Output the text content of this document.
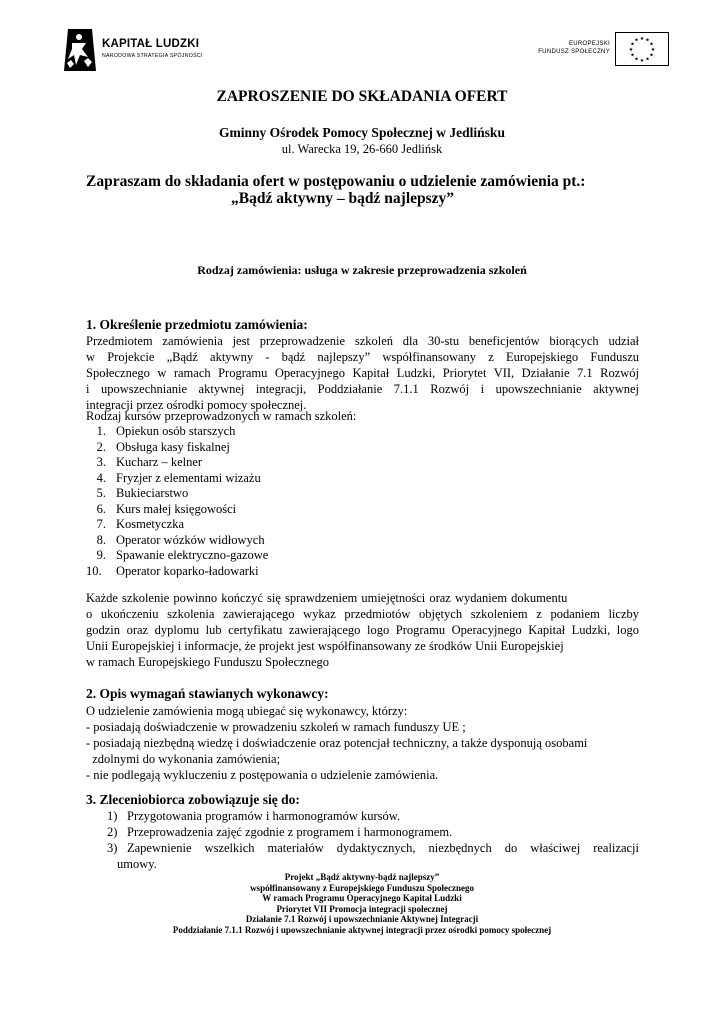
KAPITAŁ LUDZKI
NARODOWA STRATEGIA SPÓJNOŚCI
EUROPEJSKI
FUNDUSZ SPOŁECZNY	★
★
★
★
★
★
★
★
★ ★ ★
★
ZAPROSZENIE DO SKŁADANIA OFERT
Gminny Ośrodek Pomocy Społecznej w Jedlińsku
ul. Warecka 19, 26-660 Jedlińsk
Zapraszam do składania ofert w postępowaniu o udzielenie zamówienia pt.:
„Bądź aktywny – bądź najlepszy”
Rodzaj zamówienia: usługa w zakresie przeprowadzenia szkoleń
1. Określenie przedmiotu zamówienia:
Przedmiotem zamówienia jest przeprowadzenie szkoleń dla 30-stu beneficjentów biorących udział
w Projekcie „Bądź aktywny - bądź najlepszy” współfinansowany z Europejskiego Funduszu
Społecznego w ramach Programu Operacyjnego Kapitał Ludzki, Priorytet VII, Działanie 7.1 Rozwój
i upowszechnianie aktywnej integracji, Poddziałanie 7.1.1 Rozwój i upowszechnianie aktywnej
integracji przez ośrodki pomocy społecznej.
Rodzaj kursów przeprowadzonych w ramach szkoleń:
1. Opiekun osób starszych
2. Obsługa kasy fiskalnej
3. Kucharz – kelner
4. Fryzjer z elementami wizażu
5. Bukieciarstwo
6. Kurs małej księgowości
7. Kosmetyczka
8. Operator wózków widłowych
9. Spawanie elektryczno-gazowe
10. Operator koparko-ładowarki
Każde szkolenie powinno kończyć się sprawdzeniem umiejętności oraz wydaniem dokumentu
o ukończeniu szkolenia zawierającego wykaz przedmiotów objętych szkoleniem z podaniem liczby
godzin oraz dyplomu lub certyfikatu zawierającego logo Programu Operacyjnego Kapitał Ludzki, logo
Unii Europejskiej i informacje, że projekt jest współfinansowany ze środków Unii Europejskiej
w ramach Europejskiego Funduszu Społecznego
2. Opis wymagań stawianych wykonawcy:
O udzielenie zamówienia mogą ubiegać się wykonawcy, którzy:
- posiadają doświadczenie w prowadzeniu szkoleń w ramach funduszy UE ;
- posiadają niezbędną wiedzę i doświadczenie oraz potencjał techniczny, a także dysponują osobami
zdolnymi do wykonania zamówienia;
- nie podlegają wykluczeniu z postępowania o udzielenie zamówienia.
3. Zleceniobiorca zobowiązuje się do:
1) Przygotowania programów i harmonogramów kursów.
2) Przeprowadzenia zajęć zgodnie z programem i harmonogramem.
3) Zapewnienie wszelkich materiałów dydaktycznych, niezbędnych do właściwej realizacji
umowy.
Projekt „Bądź aktywny-bądź najlepszy”
współfinansowany z Europejskiego Funduszu Społecznego
W ramach Programu Operacyjnego Kapitał Ludzki
Priorytet VII Promocja integracji społecznej
Działanie 7.1 Rozwój i upowszechnianie Aktywnej Integracji
Poddziałanie 7.1.1 Rozwój i upowszechnianie aktywnej integracji przez ośrodki pomocy społecznej
